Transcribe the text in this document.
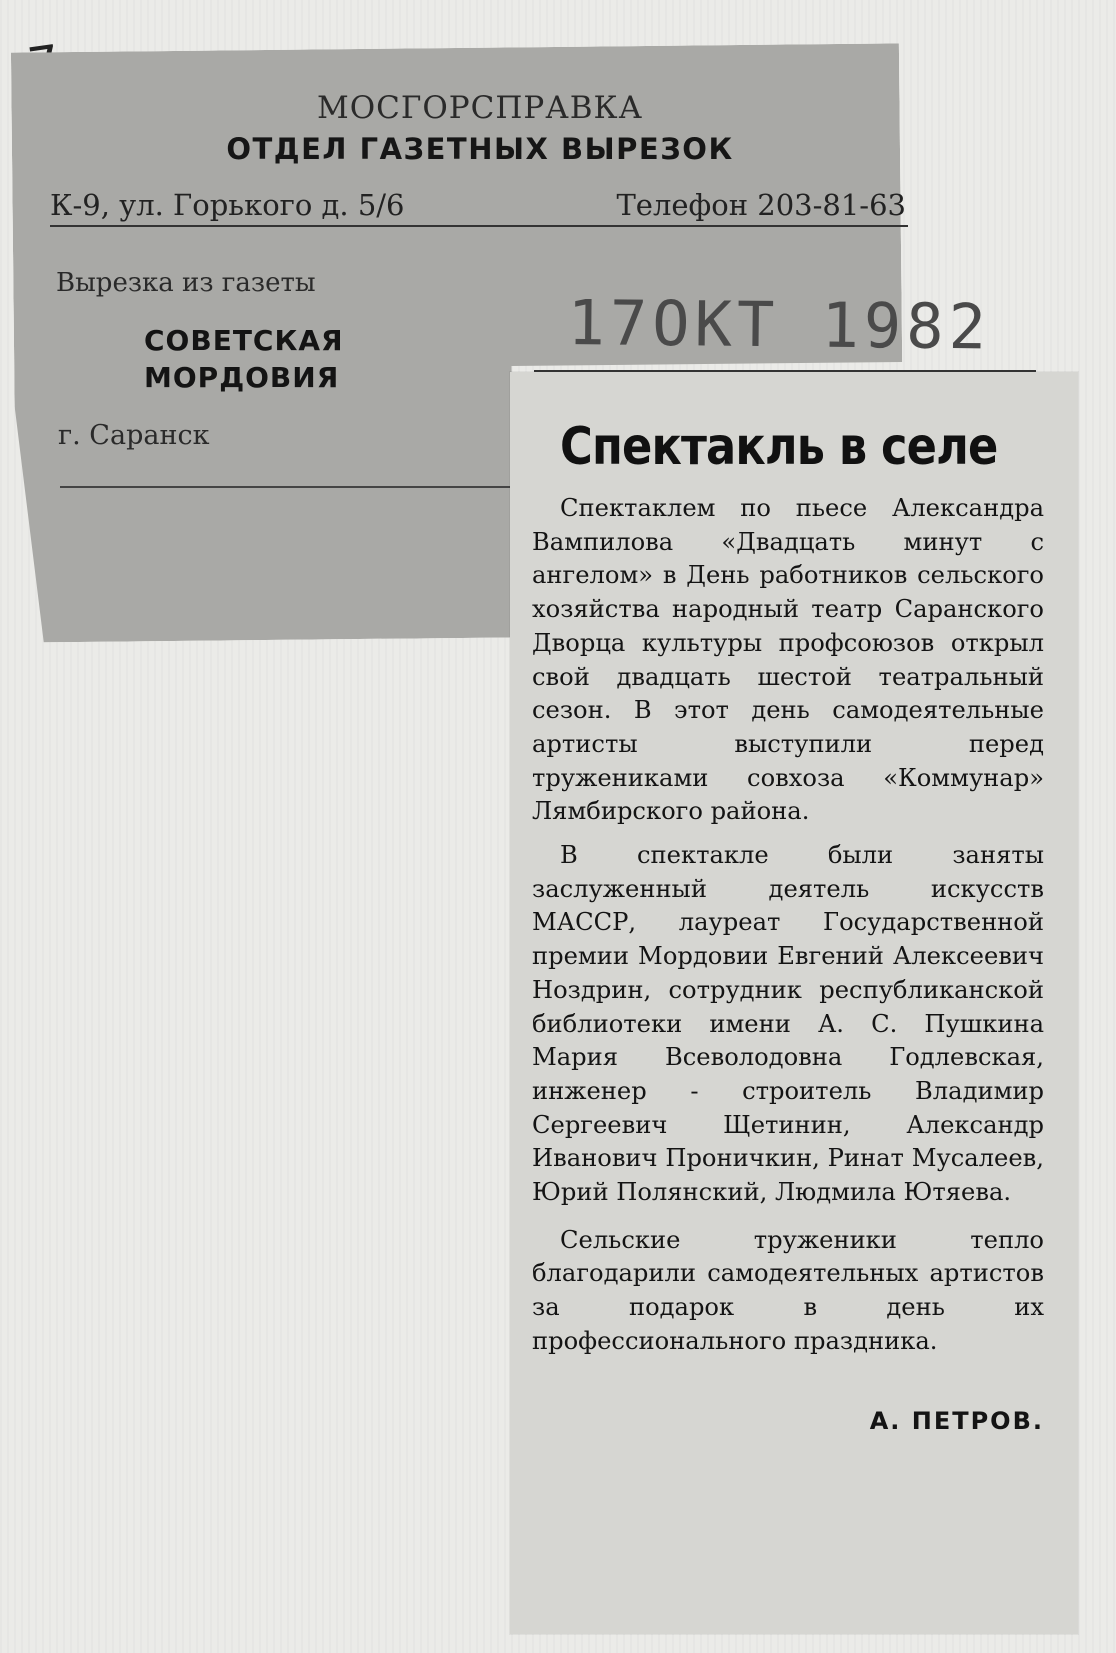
МОСГОРСПРАВКА
ОТДЕЛ ГАЗЕТНЫХ ВЫРЕЗОК
К-9, ул. Горького д. 5/6	Телефон 203-81-63
Вырезка из газеты
СОВЕТСКАЯ
МОРДОВИЯ
г. Саранск
17ОКТ 1982
Спектакль в селе

Спектаклем по пьесе Александра Вампилова «Двадцать минут с ангелом» в День работников сельского хозяйства народный театр Саранского Дворца культуры профсоюзов открыл свой двадцать шестой театральный сезон. В этот день самодеятельные артисты выступили перед тружениками совхоза «Коммунар» Лямбирского района.

В спектакле были заняты заслуженный деятель искусств МАССР, лауреат Государственной премии Мордовии Евгений Алексеевич Ноздрин, сотрудник республиканской библиотеки имени А. С. Пушкина Мария Всеволодовна Годлевская, инженер - строитель Владимир Сергеевич Щетинин, Александр Иванович Проничкин, Ринат Мусалеев, Юрий Полянский, Людмила Ютяева.

Сельские труженики тепло благодарили самодеятельных артистов за подарок в день их профессионального праздника.

А. ПЕТРОВ.
